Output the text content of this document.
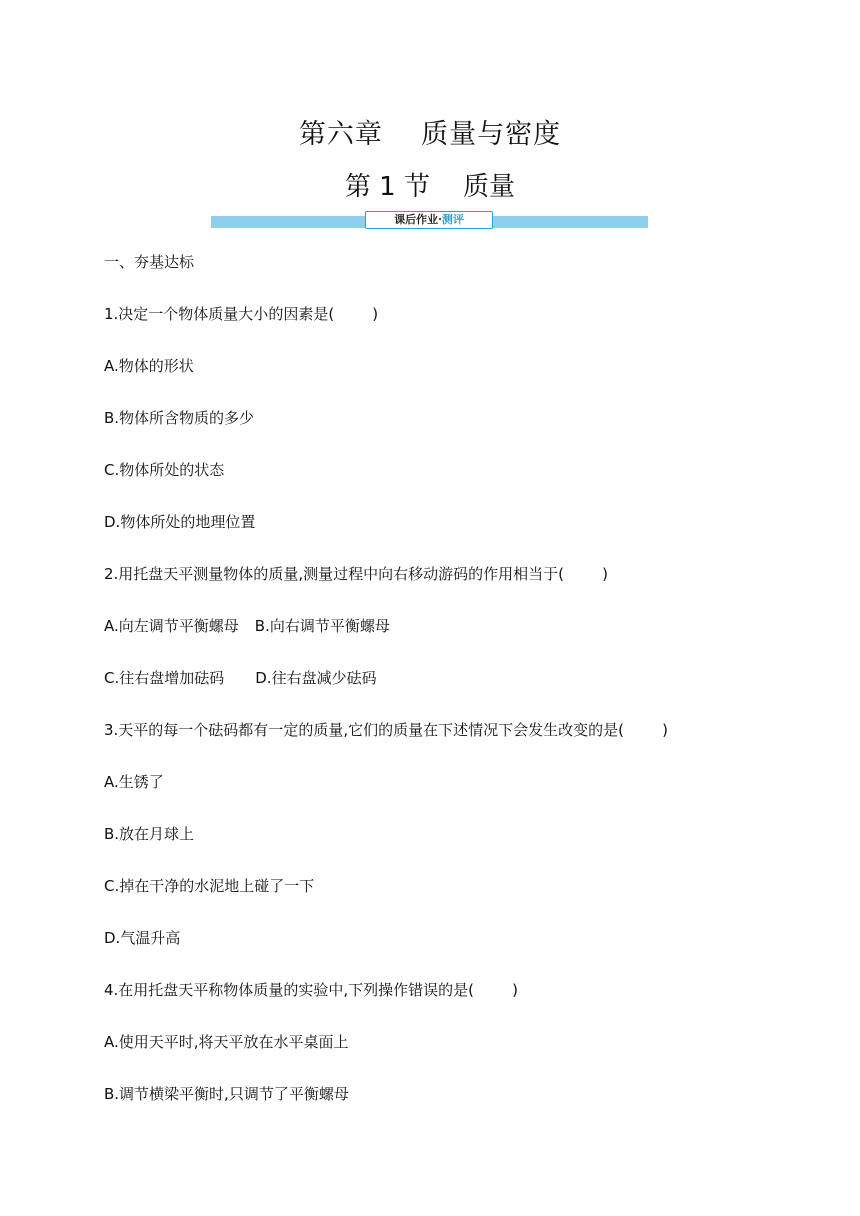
第六章    质量与密度
第 1 节    质量
课后作业·测评
一、夯基达标
1.决定一个物体质量大小的因素是(        )
A.物体的形状
B.物体所含物质的多少
C.物体所处的状态
D.物体所处的地理位置
2.用托盘天平测量物体的质量,测量过程中向右移动游码的作用相当于(        )
A.向左调节平衡螺母 B.向右调节平衡螺母
C.往右盘增加砝码 D.往右盘减少砝码
3.天平的每一个砝码都有一定的质量,它们的质量在下述情况下会发生改变的是(        )
A.生锈了
B.放在月球上
C.掉在干净的水泥地上碰了一下
D.气温升高
4.在用托盘天平称物体质量的实验中,下列操作错误的是(        )
A.使用天平时,将天平放在水平桌面上
B.调节横梁平衡时,只调节了平衡螺母
